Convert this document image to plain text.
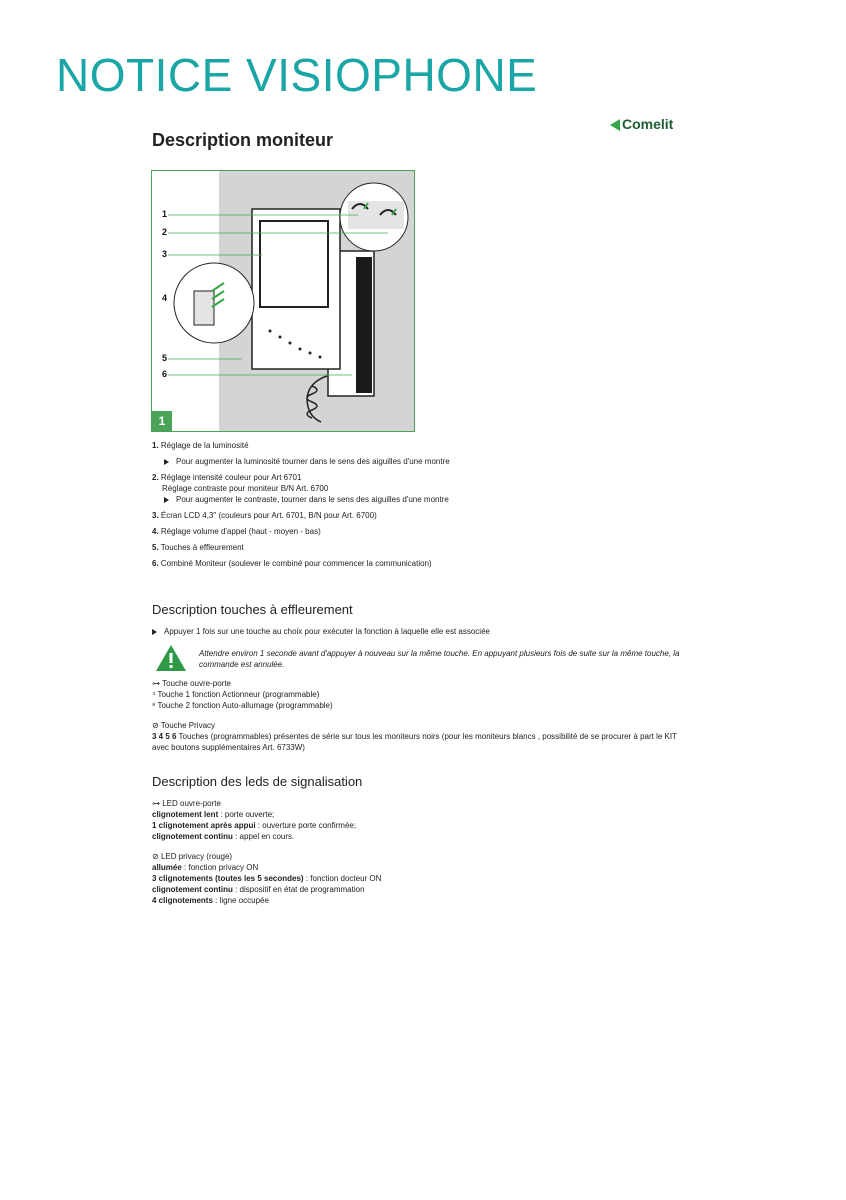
NOTICE VISIOPHONE
Comelit
Description moniteur
1
2
3
4
5
6
1
1. Réglage de la luminosité
Pour augmenter la luminosité tourner dans le sens des aiguilles d'une montre
2. Réglage intensité couleur pour Art 6701
Réglage contraste pour moniteur B/N Art. 6700
Pour augmenter le contraste, tourner dans le sens des aiguilles d'une montre
3. Écran LCD 4,3" (couleurs pour Art. 6701, B/N pour Art. 6700)
4. Réglage volume d'appel (haut - moyen - bas)
5. Touches à effleurement
6. Combiné Moniteur (soulever le combiné pour commencer la communication)
Description touches à effleurement
Appuyer 1 fois sur une touche au choix pour exécuter la fonction à laquelle elle est associée
Attendre environ 1 seconde avant d'appuyer à nouveau sur la même touche. En appuyant plusieurs fois de suite sur la même touche, la commande est annulée.
⊶ Touche ouvre-porte
⁴ Touche 1 fonction Actionneur (programmable)
⁸ Touche 2 fonction Auto-allumage (programmable)
⊘ Touche Privacy
3 4 5 6 Touches (programmables) présentes de série sur tous les moniteurs noirs (pour les moniteurs blancs , possibilité de se procurer à part le KIT avec boutons supplémentaires Art. 6733W)
Description des leds de signalisation
⊶ LED ouvre-porte
clignotement lent : porte ouverte;
1 clignotement après appui : ouverture porte confirmée;
clignotement continu : appel en cours.
⊘ LED privacy (rouge)
allumée : fonction privacy ON
3 clignotements (toutes les 5 secondes) : fonction docteur ON
clignotement continu : dispositif en état de programmation
4 clignotements : ligne occupée
